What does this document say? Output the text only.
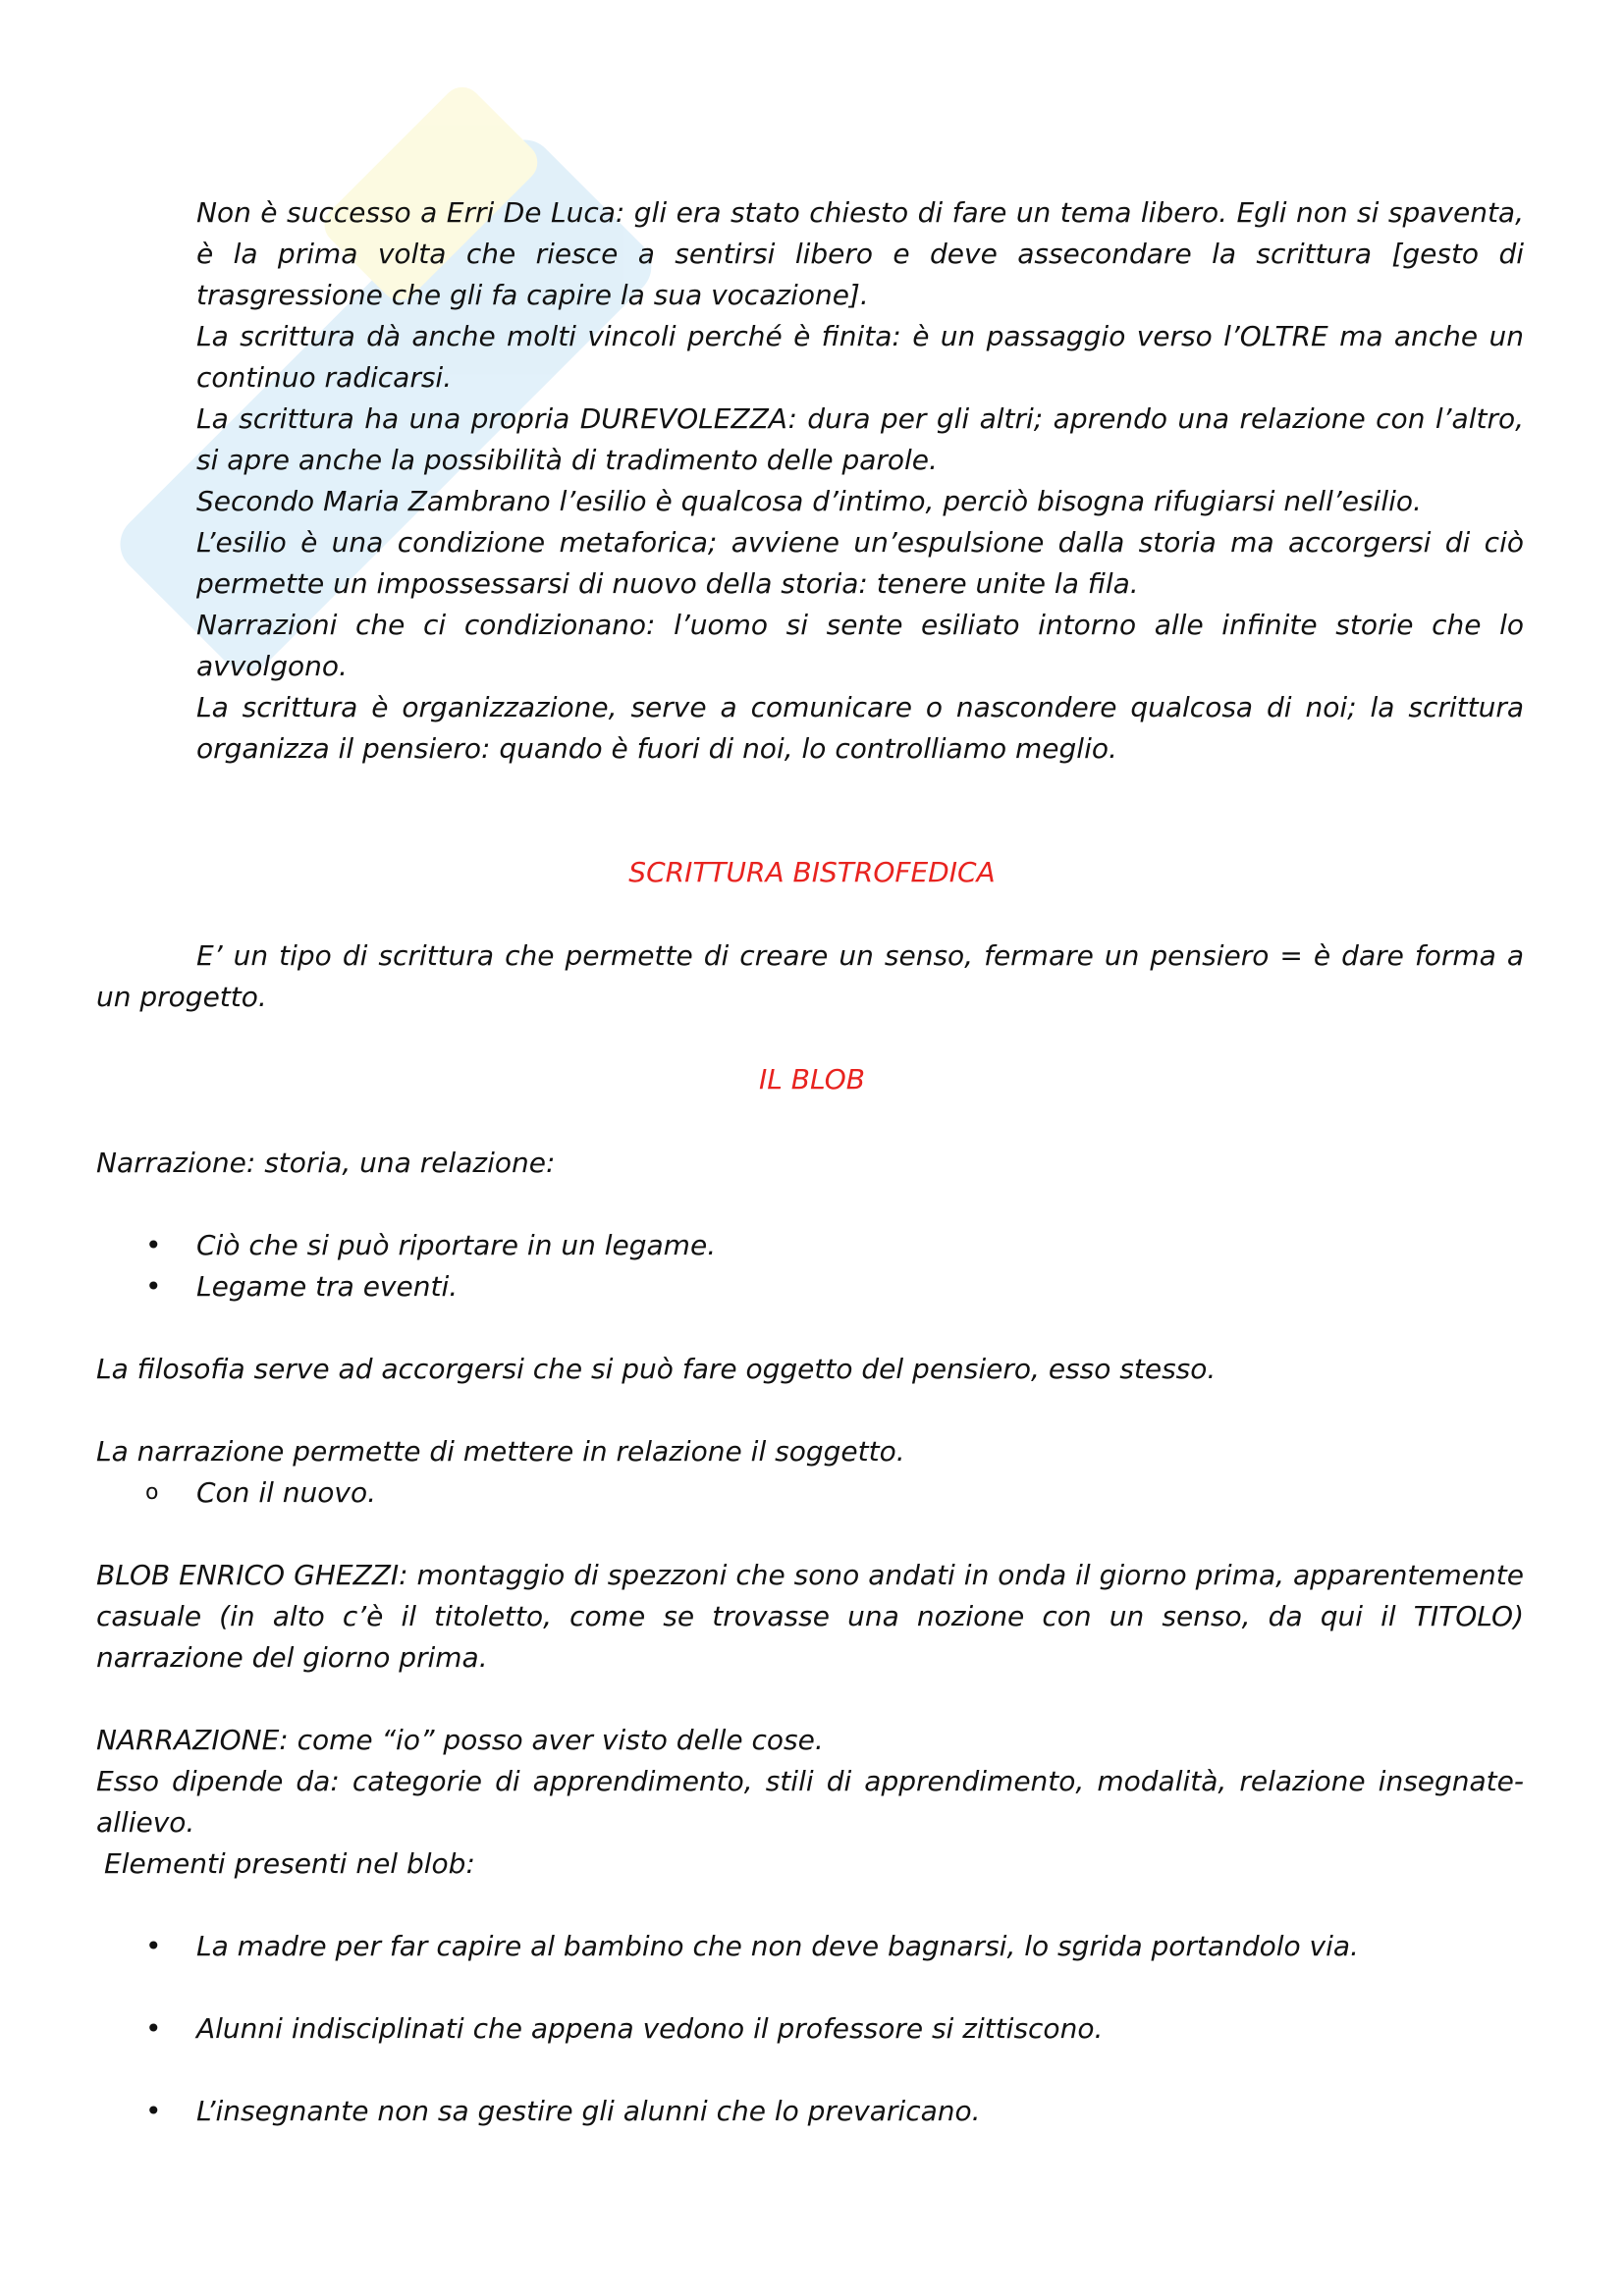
Non è successo a Erri De Luca: gli era stato chiesto di fare un tema libero. Egli non si spaventa, è la prima volta che riesce a sentirsi libero e deve assecondare la scrittura [gesto di trasgressione che gli fa capire la sua vocazione].

La scrittura dà anche molti vincoli perché è finita: è un passaggio verso l’OLTRE ma anche un continuo radicarsi.

La scrittura ha una propria DUREVOLEZZA: dura per gli altri; aprendo una relazione con l’altro, si apre anche la possibilità di tradimento delle parole.

Secondo Maria Zambrano l’esilio è qualcosa d’intimo, perciò bisogna rifugiarsi nell’esilio.

L’esilio è una condizione metaforica; avviene un’espulsione dalla storia ma accorgersi di ciò permette un impossessarsi di nuovo della storia: tenere unite la fila.

Narrazioni che ci condizionano: l’uomo si sente esiliato intorno alle infinite storie che lo avvolgono.

La scrittura è organizzazione, serve a comunicare o nascondere qualcosa di noi; la scrittura organizza il pensiero: quando è fuori di noi, lo controlliamo meglio.

SCRITTURA BISTROFEDICA

E’ un tipo di scrittura che permette di creare un senso, fermare un pensiero = è dare forma a un progetto.

IL BLOB

Narrazione: storia, una relazione:

• Ciò che si può riportare in un legame.
• Legame tra eventi.

La filosofia serve ad accorgersi che si può fare oggetto del pensiero, esso stesso.

La narrazione permette di mettere in relazione il soggetto.

o Con il nuovo.

BLOB ENRICO GHEZZI: montaggio di spezzoni che sono andati in onda il giorno prima, apparentemente casuale (in alto c’è il titoletto, come se trovasse una nozione con un senso, da qui il TITOLO) narrazione del giorno prima.

NARRAZIONE: come “io” posso aver visto delle cose.

Esso dipende da: categorie di apprendimento, stili di apprendimento, modalità, relazione insegnate-allievo.

Elementi presenti nel blob:

• La madre per far capire al bambino che non deve bagnarsi, lo sgrida portandolo via.
• Alunni indisciplinati che appena vedono il professore si zittiscono.
• L’insegnante non sa gestire gli alunni che lo prevaricano.
